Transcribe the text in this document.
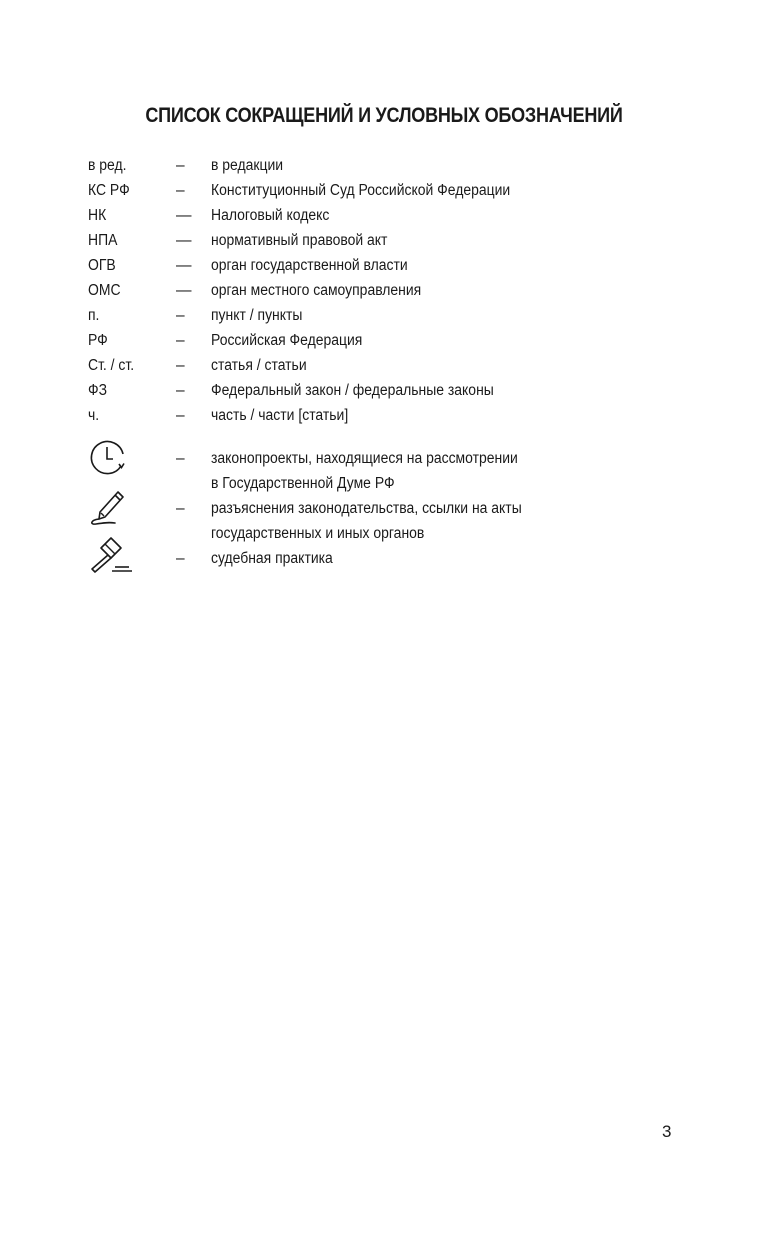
СПИСОК СОКРАЩЕНИЙ И УСЛОВНЫХ ОБОЗНАЧЕНИЙ
в ред.	– в редакции
КС РФ	– Конституционный Суд Российской Федерации
НК	— Налоговый кодекс
НПА	— нормативный правовой акт
ОГВ	— орган государственной власти
ОМС	— орган местного самоуправления
п.	– пункт / пункты
РФ	– Российская Федерация
Ст. / ст.	– статья / статьи
ФЗ	– Федеральный закон / федеральные законы
ч.	– часть / части [статьи]
– законопроекты, находящиеся на рассмотрении
в Государственной Думе РФ
– разъяснения законодательства, ссылки на акты
государственных и иных органов
– судебная практика
3
